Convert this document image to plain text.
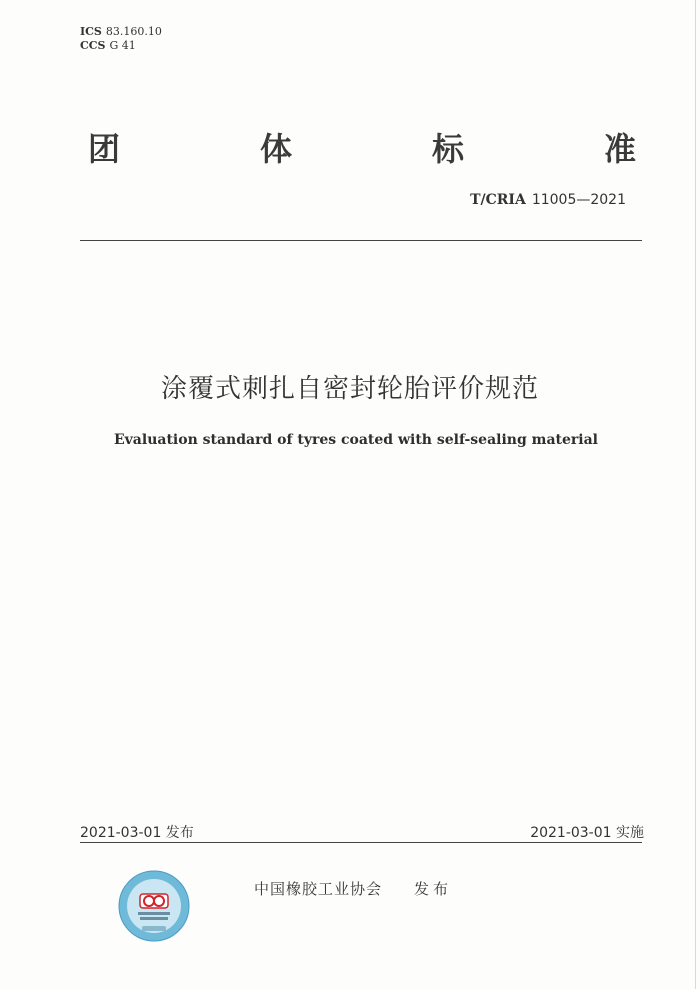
ICS 83.160.10
CCS G 41
团	体	标	准
T/CRIA 11005—2021
涂覆式刺扎自密封轮胎评价规范
Evaluation standard of tyres coated with self-sealing material
2021-03-01 发布	2021-03-01 实施
中国橡胶工业协会 发布
